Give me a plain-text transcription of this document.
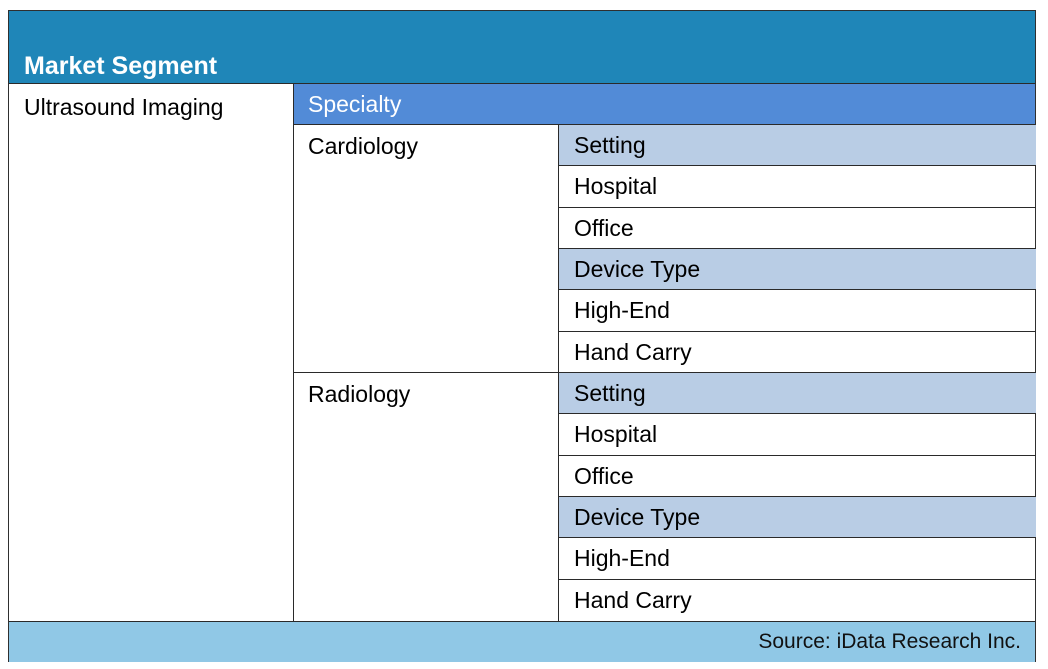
Market Segment
Ultrasound Imaging	Specialty
Cardiology
Radiology
Setting
Hospital
Office
Device Type
High-End
Hand Carry
Setting
Hospital
Office
Device Type
High-End
Hand Carry
Source: iData Research Inc.
